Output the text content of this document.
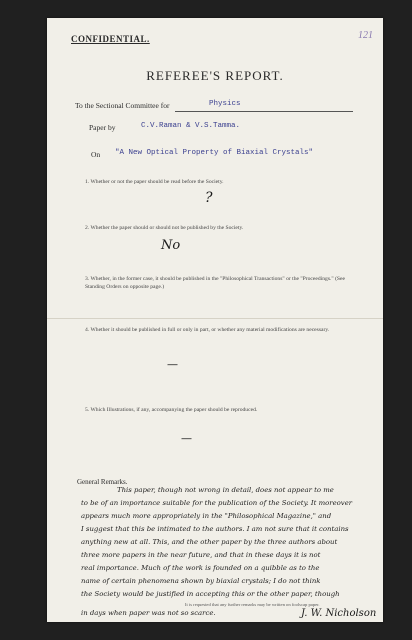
CONFIDENTIAL.	121
REFEREE'S REPORT.
To the Sectional Committee for	Physics
Paper by	C.V.Raman & V.S.Tamma.
On "A New Optical Property of Biaxial Crystals"
1. Whether or not the paper should be read before the Society.
?
2. Whether the paper should or should not be published by the Society.
No
3. Whether, in the former case, it should be published in the "Philosophical Transactions" or the "Proceedings." (See Standing Orders on opposite page.)
4. Whether it should be published in full or only in part, or whether any material modifications are necessary.
—
5. Which Illustrations, if any, accompanying the paper should be reproduced.
—
General Remarks.
This paper, though not wrong in detail, does not appear to me
to be of an importance suitable for the publication of the Society. It moreover
appears much more appropriately in the "Philosophical Magazine," and
I suggest that this be intimated to the authors. I am not sure that it contains
anything new at all. This, and the other paper by the three authors about
three more papers in the near future, and that in these days it is not
real importance. Much of the work is founded on a quibble as to the
name of certain phenomena shown by biaxial crystals; I do not think
the Society would be justified in accepting this or the other paper, though
in days when paper was not so scarce.
It is requested that any further remarks may be written on foolscap paper.
J. W. Nicholson
